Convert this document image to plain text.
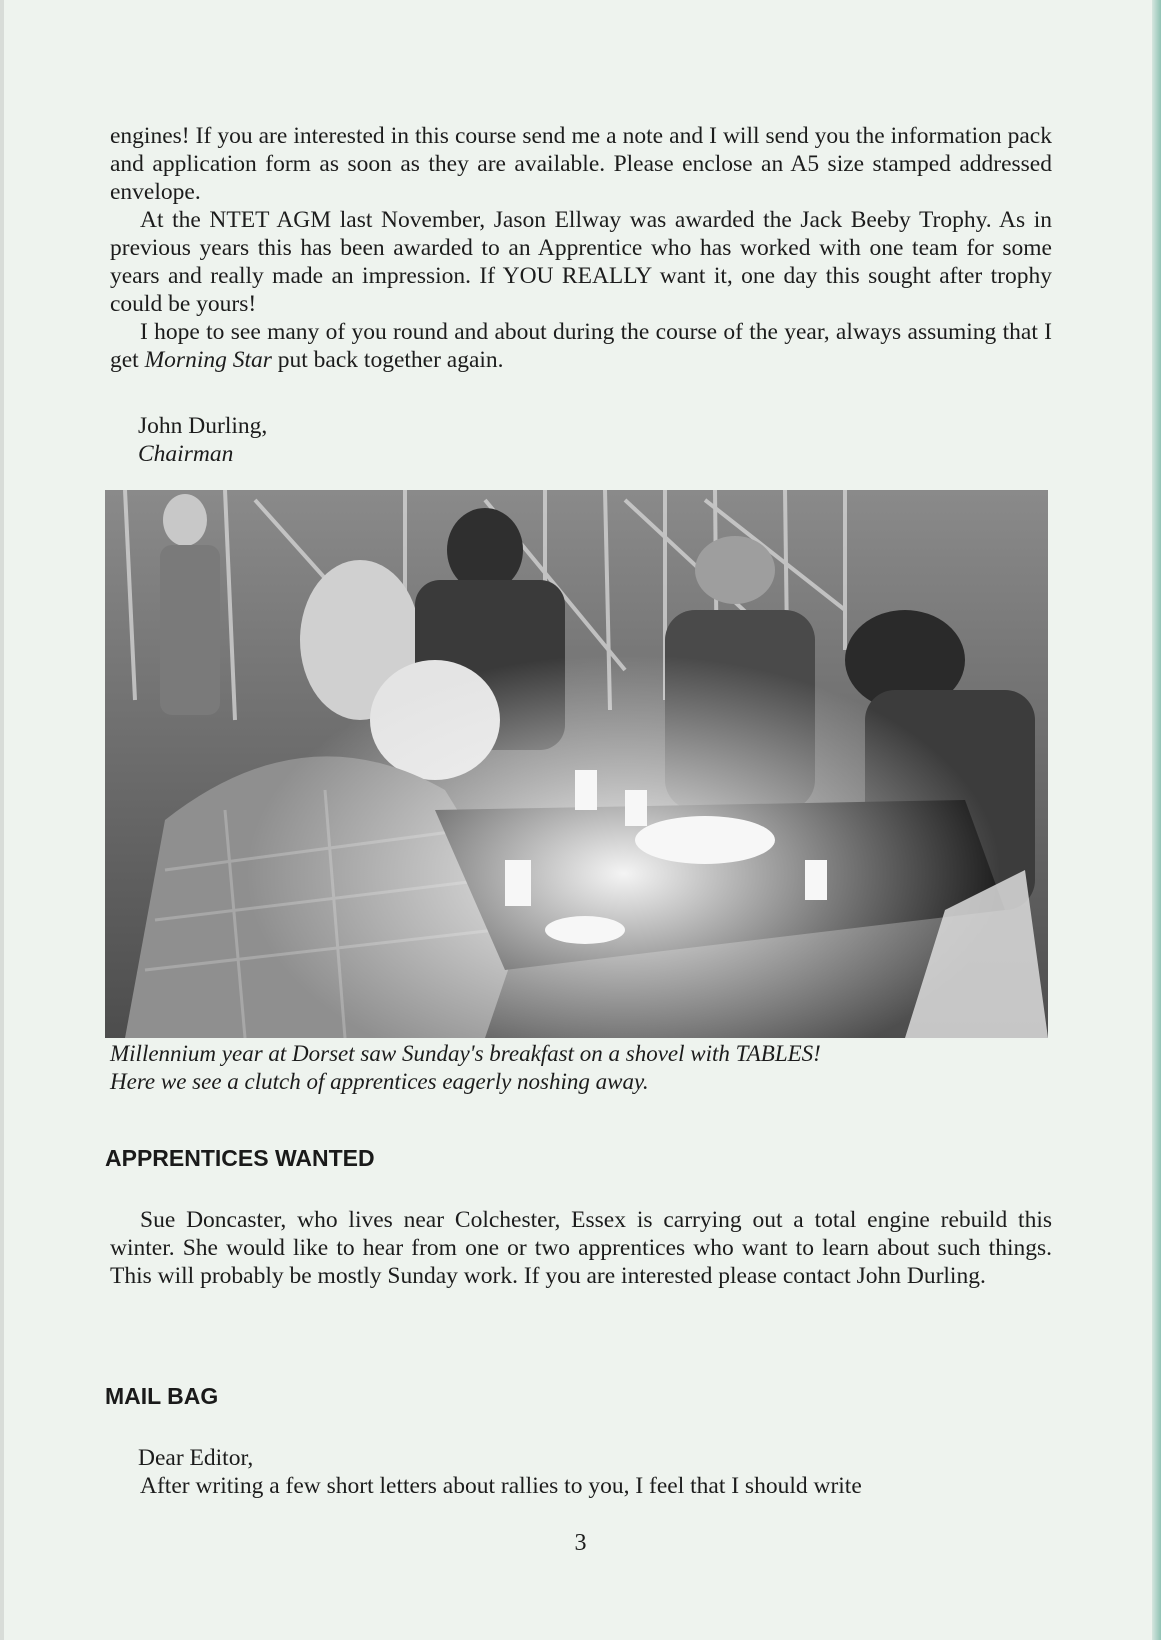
engines! If you are interested in this course send me a note and I will send you the information pack and application form as soon as they are available. Please enclose an A5 size stamped addressed envelope.

At the NTET AGM last November, Jason Ellway was awarded the Jack Beeby Trophy. As in previous years this has been awarded to an Apprentice who has worked with one team for some years and really made an impression. If YOU REALLY want it, one day this sought after trophy could be yours!

I hope to see many of you round and about during the course of the year, always assuming that I get Morning Star put back together again.

John Durling,

Chairman

Millennium year at Dorset saw Sunday's breakfast on a shovel with TABLES!
Here we see a clutch of apprentices eagerly noshing away.

APPRENTICES WANTED

Sue Doncaster, who lives near Colchester, Essex is carrying out a total engine rebuild this winter. She would like to hear from one or two apprentices who want to learn about such things. This will probably be mostly Sunday work. If you are interested please contact John Durling.

MAIL BAG

Dear Editor,

After writing a few short letters about rallies to you, I feel that I should write

3
